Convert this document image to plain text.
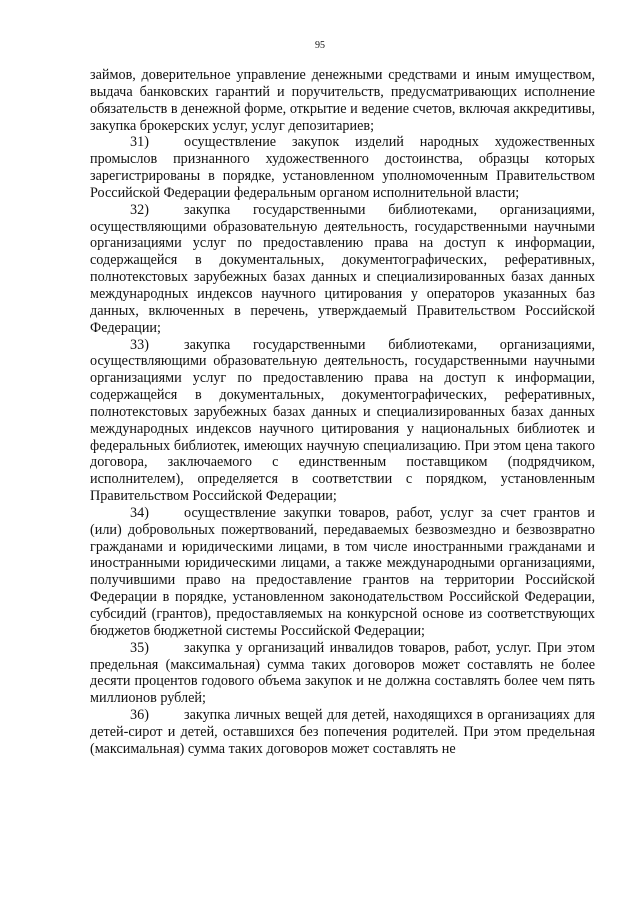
95

займов, доверительное управление денежными средствами и иным имуществом, выдача банковских гарантий и поручительств, предусматривающих исполнение обязательств в денежной форме, открытие и ведение счетов, включая аккредитивы, закупка брокерских услуг, услуг депозитариев;

31) осуществление закупок изделий народных художественных промыслов признанного художественного достоинства, образцы которых зарегистрированы в порядке, установленном уполномоченным Правительством Российской Федерации федеральным органом исполнительной власти;

32) закупка государственными библиотеками, организациями, осуществляющими образовательную деятельность, государственными научными организациями услуг по предоставлению права на доступ к информации, содержащейся в документальных, документографических, реферативных, полнотекстовых зарубежных базах данных и специализированных базах данных международных индексов научного цитирования у операторов указанных баз данных, включенных в перечень, утверждаемый Правительством Российской Федерации;

33) закупка государственными библиотеками, организациями, осуществляющими образовательную деятельность, государственными научными организациями услуг по предоставлению права на доступ к информации, содержащейся в документальных, документографических, реферативных, полнотекстовых зарубежных базах данных и специализированных базах данных международных индексов научного цитирования у национальных библиотек и федеральных библиотек, имеющих научную специализацию. При этом цена такого договора, заключаемого с единственным поставщиком (подрядчиком, исполнителем), определяется в соответствии с порядком, установленным Правительством Российской Федерации;

34) осуществление закупки товаров, работ, услуг за счет грантов и (или) добровольных пожертвований, передаваемых безвозмездно и безвозвратно гражданами и юридическими лицами, в том числе иностранными гражданами и иностранными юридическими лицами, а также международными организациями, получившими право на предоставление грантов на территории Российской Федерации в порядке, установленном законодательством Российской Федерации, субсидий (грантов), предоставляемых на конкурсной основе из соответствующих бюджетов бюджетной системы Российской Федерации;

35) закупка у организаций инвалидов товаров, работ, услуг. При этом предельная (максимальная) сумма таких договоров может составлять не более десяти процентов годового объема закупок и не должна составлять более чем пять миллионов рублей;

36) закупка личных вещей для детей, находящихся в организациях для детей-сирот и детей, оставшихся без попечения родителей. При этом предельная (максимальная) сумма таких договоров может составлять не
